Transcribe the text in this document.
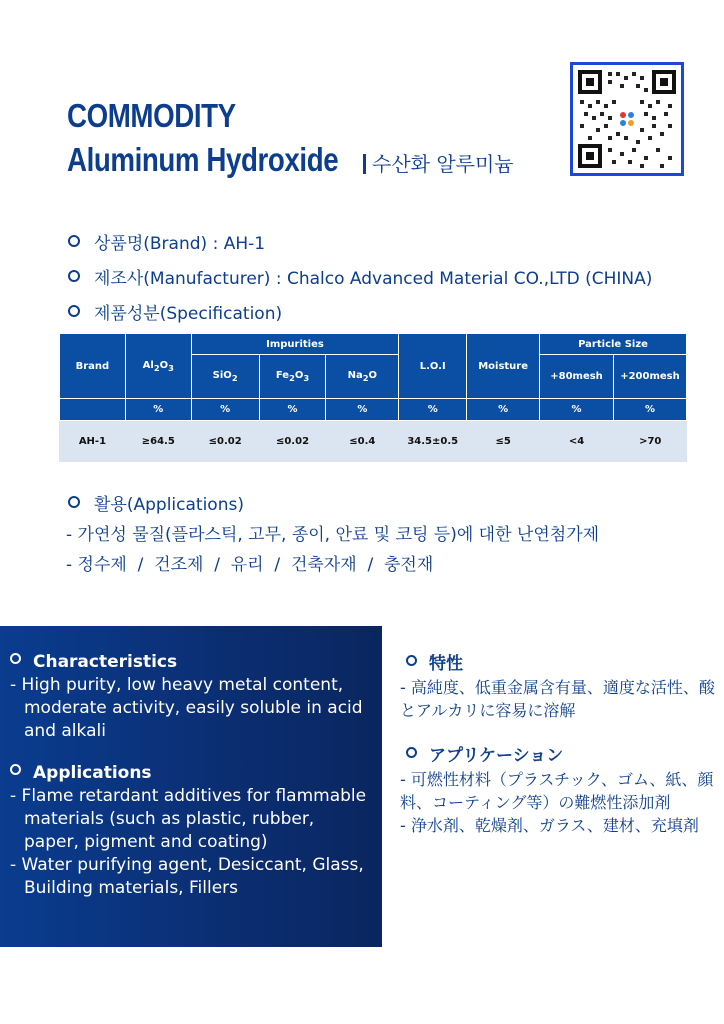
COMMODITY
Aluminum Hydroxide	수산화 알루미늄
상품명(Brand) : AH-1
제조사(Manufacturer) : Chalco Advanced Material CO.,LTD (CHINA)
제품성분(Specification)
Brand	$Al_2O_3$	Impurities			L.O.I	Moisture	Particle Size	
		SiO$_2$	$Fe_2O_3$	$Na_2O$			+80mesh	+200mesh
	%	%	%	%	%	%	%	%
AH-1	≥64.5	≤0.02	≤0.02	≤0.4	34.5±0.5	≤5	<4	>70
활용(Applications)
- 가연성 물질(플라스틱, 고무, 종이, 안료 및 코팅 등)에 대한 난연첨가제
- 정수제  /  건조제  /  유리  /  건축자재  /  충전재
Characteristics
- High purity, low heavy metal content, moderate activity, easily soluble in acid and alkali
Applications
- Flame retardant additives for flammable materials (such as plastic, rubber, paper, pigment and coating)
- Water purifying agent, Desiccant, Glass, Building materials, Fillers
特性
- 高純度、低重金属含有量、適度な活性、酸とアルカリに容易に溶解
アプリケーション
- 可燃性材料（プラスチック、ゴム、紙、顔料、コーティング等）の難燃性添加剤
- 浄水剤、乾燥剤、ガラス、建材、充填剤
